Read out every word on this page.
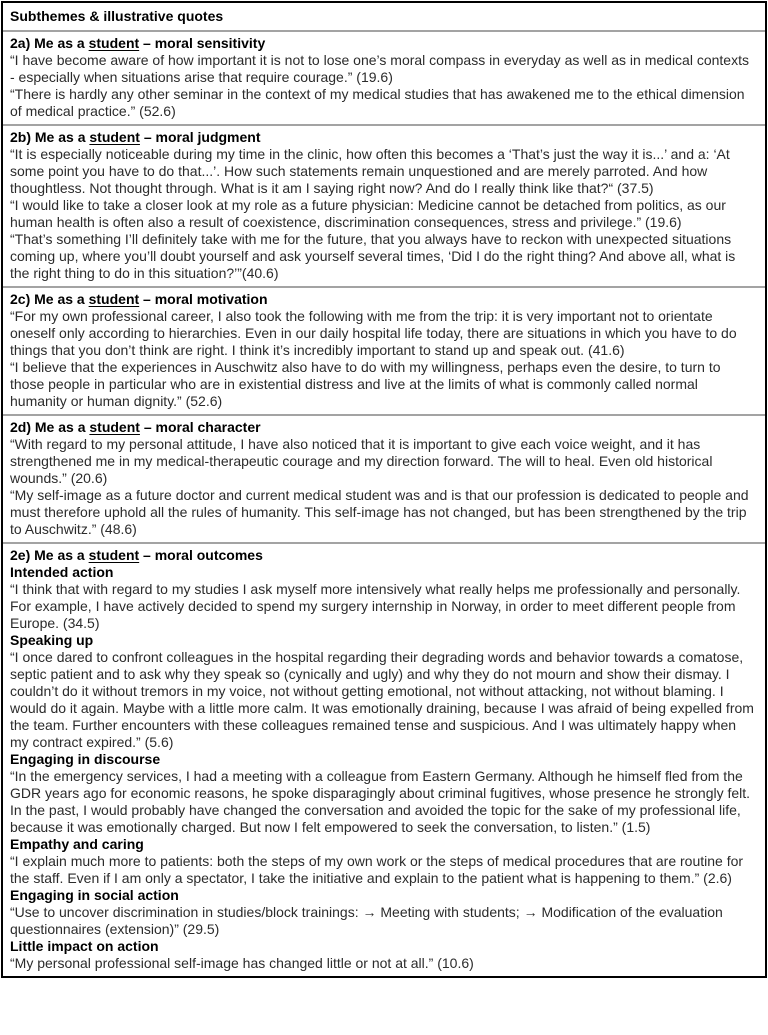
Subthemes & illustrative quotes
2a) Me as a student – moral sensitivity

“I have become aware of how important it is not to lose one’s moral compass in everyday as well as in medical contexts - especially when situations arise that require courage.” (19.6)

“There is hardly any other seminar in the context of my medical studies that has awakened me to the ethical dimension of medical practice.” (52.6)

2b) Me as a student – moral judgment

“It is especially noticeable during my time in the clinic, how often this becomes a ‘That’s just the way it is...’ and a: ‘At some point you have to do that...’. How such statements remain unquestioned and are merely parroted. And how thoughtless. Not thought through. What is it am I saying right now? And do I really think like that?“ (37.5)

“I would like to take a closer look at my role as a future physician: Medicine cannot be detached from politics, as our human health is often also a result of coexistence, discrimination consequences, stress and privilege.” (19.6)

“That’s something I’ll definitely take with me for the future, that you always have to reckon with unexpected situations coming up, where you’ll doubt yourself and ask yourself several times, ‘Did I do the right thing? And above all, what is the right thing to do in this situation?’”(40.6)

2c) Me as a student – moral motivation

“For my own professional career, I also took the following with me from the trip: it is very important not to orientate oneself only according to hierarchies. Even in our daily hospital life today, there are situations in which you have to do things that you don’t think are right. I think it’s incredibly important to stand up and speak out. (41.6)

“I believe that the experiences in Auschwitz also have to do with my willingness, perhaps even the desire, to turn to those people in particular who are in existential distress and live at the limits of what is commonly called normal humanity or human dignity.” (52.6)

2d) Me as a student – moral character

“With regard to my personal attitude, I have also noticed that it is important to give each voice weight, and it has strengthened me in my medical-therapeutic courage and my direction forward. The will to heal. Even old historical wounds.” (20.6)

“My self-image as a future doctor and current medical student was and is that our profession is dedicated to people and must therefore uphold all the rules of humanity. This self-image has not changed, but has been strengthened by the trip to Auschwitz.” (48.6)

2e) Me as a student – moral outcomes
Intended action

“I think that with regard to my studies I ask myself more intensively what really helps me professionally and personally. For example, I have actively decided to spend my surgery internship in Norway, in order to meet different people from Europe. (34.5)

Speaking up

“I once dared to confront colleagues in the hospital regarding their degrading words and behavior towards a comatose, septic patient and to ask why they speak so (cynically and ugly) and why they do not mourn and show their dismay. I couldn’t do it without tremors in my voice, not without getting emotional, not without attacking, not without blaming. I would do it again. Maybe with a little more calm. It was emotionally draining, because I was afraid of being expelled from the team. Further encounters with these colleagues remained tense and suspicious. And I was ultimately happy when my contract expired.” (5.6)

Engaging in discourse

“In the emergency services, I had a meeting with a colleague from Eastern Germany. Although he himself fled from the GDR years ago for economic reasons, he spoke disparagingly about criminal fugitives, whose presence he strongly felt. In the past, I would probably have changed the conversation and avoided the topic for the sake of my professional life, because it was emotionally charged. But now I felt empowered to seek the conversation, to listen.” (1.5)

Empathy and caring

“I explain much more to patients: both the steps of my own work or the steps of medical procedures that are routine for the staff. Even if I am only a spectator, I take the initiative and explain to the patient what is happening to them.” (2.6)

Engaging in social action

“Use to uncover discrimination in studies/block trainings: → Meeting with students; → Modification of the evaluation questionnaires (extension)” (29.5)

Little impact on action

“My personal professional self-image has changed little or not at all.” (10.6)
